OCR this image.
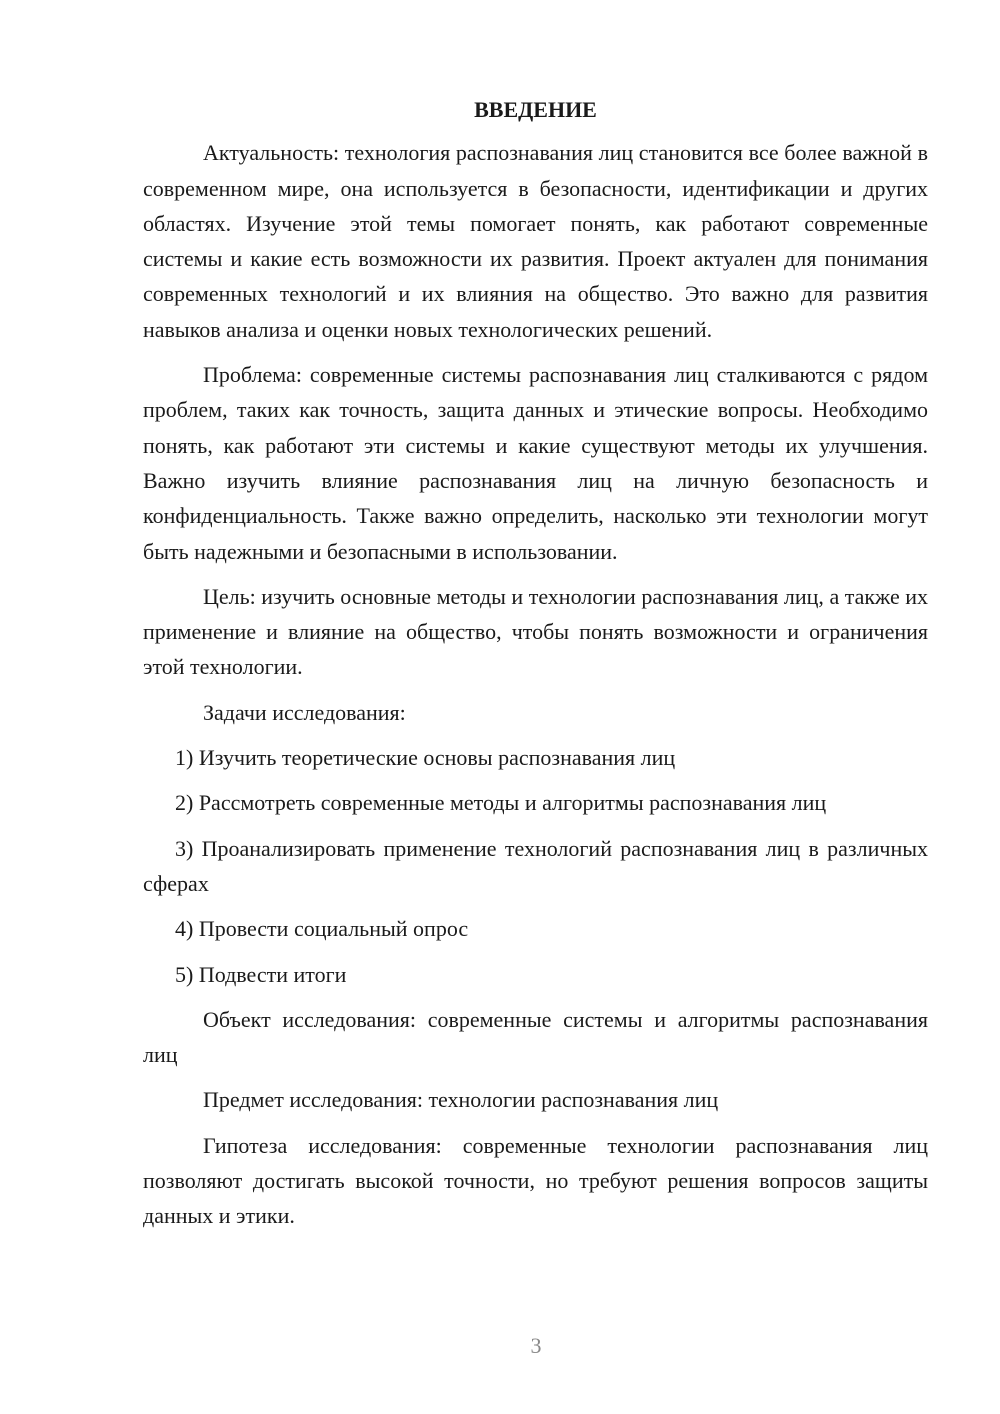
ВВЕДЕНИЕ

Актуальность: технология распознавания лиц становится все более важной в современном мире, она используется в безопасности, идентификации и других областях. Изучение этой темы помогает понять, как работают современные системы и какие есть возможности их развития. Проект актуален для понимания современных технологий и их влияния на общество. Это важно для развития навыков анализа и оценки новых технологических решений.

Проблема: современные системы распознавания лиц сталкиваются с рядом проблем, таких как точность, защита данных и этические вопросы. Необходимо понять, как работают эти системы и какие существуют методы их улучшения. Важно изучить влияние распознавания лиц на личную безопасность и конфиденциальность. Также важно определить, насколько эти технологии могут быть надежными и безопасными в использовании.

Цель: изучить основные методы и технологии распознавания лиц, а также их применение и влияние на общество, чтобы понять возможности и ограничения этой технологии.

Задачи исследования:

1) Изучить теоретические основы распознавания лиц

2) Рассмотреть современные методы и алгоритмы распознавания лиц

3) Проанализировать применение технологий распознавания лиц в различных сферах

4) Провести социальный опрос

5) Подвести итоги

Объект исследования: современные системы и алгоритмы распознавания лиц

Предмет исследования: технологии распознавания лиц

Гипотеза исследования: современные технологии распознавания лиц позволяют достигать высокой точности, но требуют решения вопросов защиты данных и этики.

3
